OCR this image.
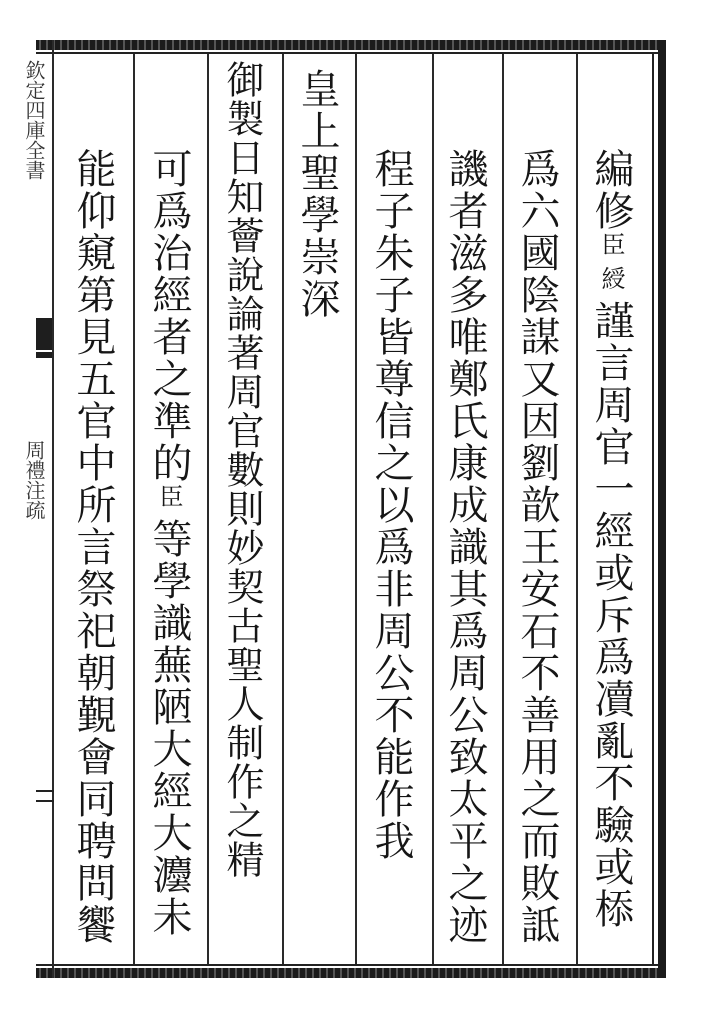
欽定四庫全書
周禮注疏
編修臣綬謹言周官一經或斥爲凟亂不驗或㮇
爲六國陰謀又因劉歆王安石不善用之而敗詆
譏者滋多唯鄭氏康成識其爲周公致太平之迹
程子朱子皆尊信之以爲非周公不能作我
皇上聖學崇深
御製日知薈說論著周官數則妙契古聖人制作之精
可爲治經者之準的臣等學識蕪陋大經大灋未
能仰窺第見五官中所言祭祀朝覲會同聘問饗
